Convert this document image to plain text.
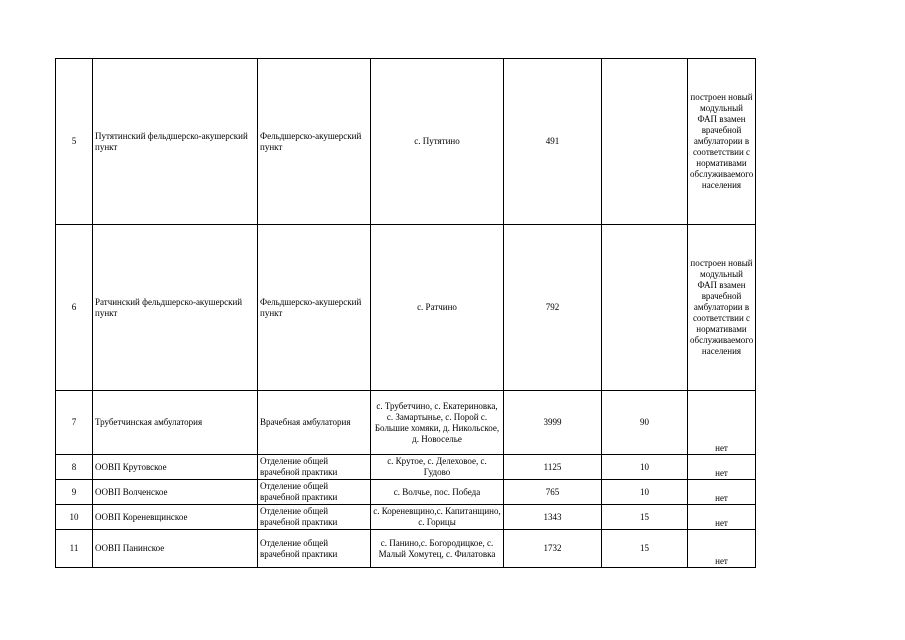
5	Путятинский фельдшерско-акушерский пункт	Фельдшерско-акушерский пункт	с. Путятино	491		построен новый модульный ФАП взамен врачебной амбулатории в соответствии с нормативами обслуживаемого населения
6	Ратчинский фельдшерско-акушерский пункт	Фельдшерско-акушерский пункт	с. Ратчино	792		построен новый модульный ФАП взамен врачебной амбулатории в соответствии с нормативами обслуживаемого населения
7	Трубетчинская амбулатория	Врачебная амбулатория	с. Трубетчино, с. Екатериновка, с. Замартынье, с. Порой с. Большие хомяки, д. Никольское, д. Новоселье	3999	90	нет
8	ООВП Крутовское	Отделение общей врачебной практики	с. Крутое, с. Делеховое, с. Гудово	1125	10	нет
9	ООВП Волченское	Отделение общей врачебной практики	с. Волчье, пос. Победа	765	10	нет
10	ООВП Кореневщинское	Отделение общей врачебной практики	с. Кореневщино,с. Капитанщино, с. Горицы	1343	15	нет
11	ООВП Панинское	Отделение общей врачебной практики	с. Панино,с. Богородицкое, с. Малый Хомутец, с. Филатовка	1732	15	нет
